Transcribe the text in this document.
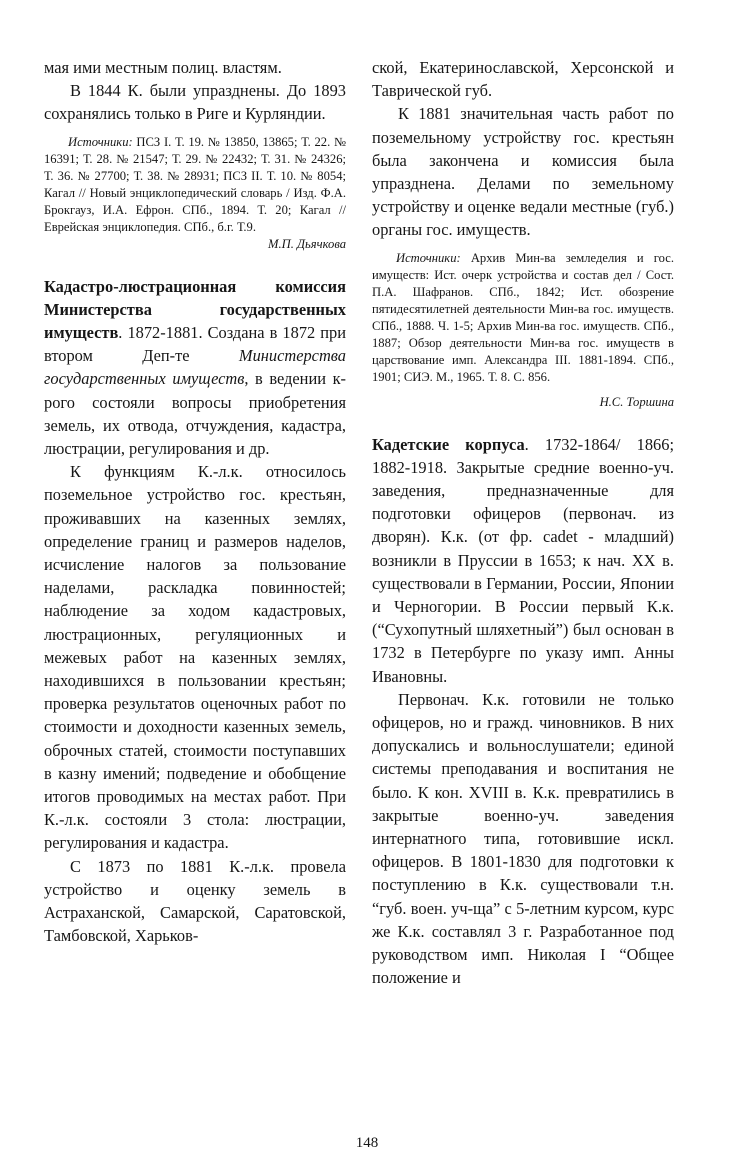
мая ими местным полиц. властям.

В 1844 К. были упразднены. До 1893 сохранялись только в Риге и Курляндии.

Источники: ПСЗ I. Т. 19. № 13850, 13865; Т. 22. № 16391; Т. 28. № 21547; Т. 29. № 22432; Т. 31. № 24326; Т. 36. № 27700; Т. 38. № 28931; ПСЗ II. Т. 10. № 8054; Кагал // Новый энциклопедический словарь / Изд. Ф.А. Брокгауз, И.А. Ефрон. СПб., 1894. Т. 20; Кагал // Еврейская энциклопедия. СПб., б.г. Т.9.

М.П. Дьячкова

Кадастро-люстрационная комиссия Министерства государственных имуществ. 1872-1881. Создана в 1872 при втором Деп-те Министерства государственных имуществ, в ведении к-рого состояли вопросы приобретения земель, их отвода, отчуждения, кадастра, люстрации, регулирования и др.

К функциям К.-л.к. относилось поземельное устройство гос. крестьян, проживавших на казенных землях, определение границ и размеров наделов, исчисление налогов за пользование наделами, раскладка повинностей; наблюдение за ходом кадастровых, люстрационных, регуляционных и межевых работ на казенных землях, находившихся в пользовании крестьян; проверка результатов оценочных работ по стоимости и доходности казенных земель, оброчных статей, стоимости поступавших в казну имений; подведение и обобщение итогов проводимых на местах работ. При К.-л.к. состояли 3 стола: люстрации, регулирования и кадастра.

С 1873 по 1881 К.-л.к. провела устройство и оценку земель в Астраханской, Самарской, Саратовской, Тамбовской, Харьков-

ской, Екатеринославской, Херсонской и Таврической губ.

К 1881 значительная часть работ по поземельному устройству гос. крестьян была закончена и комиссия была упразднена. Делами по земельному устройству и оценке ведали местные (губ.) органы гос. имуществ.

Источники: Архив Мин-ва земледелия и гос. имуществ: Ист. очерк устройства и состав дел / Сост. П.А. Шафранов. СПб., 1842; Ист. обозрение пятидесятилетней деятельности Мин-ва гос. имуществ. СПб., 1888. Ч. 1-5; Архив Мин-ва гос. имуществ. СПб., 1887; Обзор деятельности Мин-ва гос. имуществ в царствование имп. Александра III. 1881-1894. СПб., 1901; СИЭ. М., 1965. Т. 8. С. 856.

Н.С. Торшина

Кадетские корпуса. 1732-1864/ 1866; 1882-1918. Закрытые средние военно-уч. заведения, предназначенные для подготовки офицеров (первонач. из дворян). К.к. (от фр. cadet - младший) возникли в Пруссии в 1653; к нач. XX в. существовали в Германии, России, Японии и Черногории. В России первый К.к. (“Сухопутный шляхетный”) был основан в 1732 в Петербурге по указу имп. Анны Ивановны.

Первонач. К.к. готовили не только офицеров, но и гражд. чиновников. В них допускались и вольнослушатели; единой системы преподавания и воспитания не было. К кон. XVIII в. К.к. превратились в закрытые военно-уч. заведения интернатного типа, готовившие искл. офицеров. В 1801-1830 для подготовки к поступлению в К.к. существовали т.н. “губ. воен. уч-ща” с 5-летним курсом, курс же К.к. составлял 3 г. Разработанное под руководством имп. Николая I “Общее положение и

148
